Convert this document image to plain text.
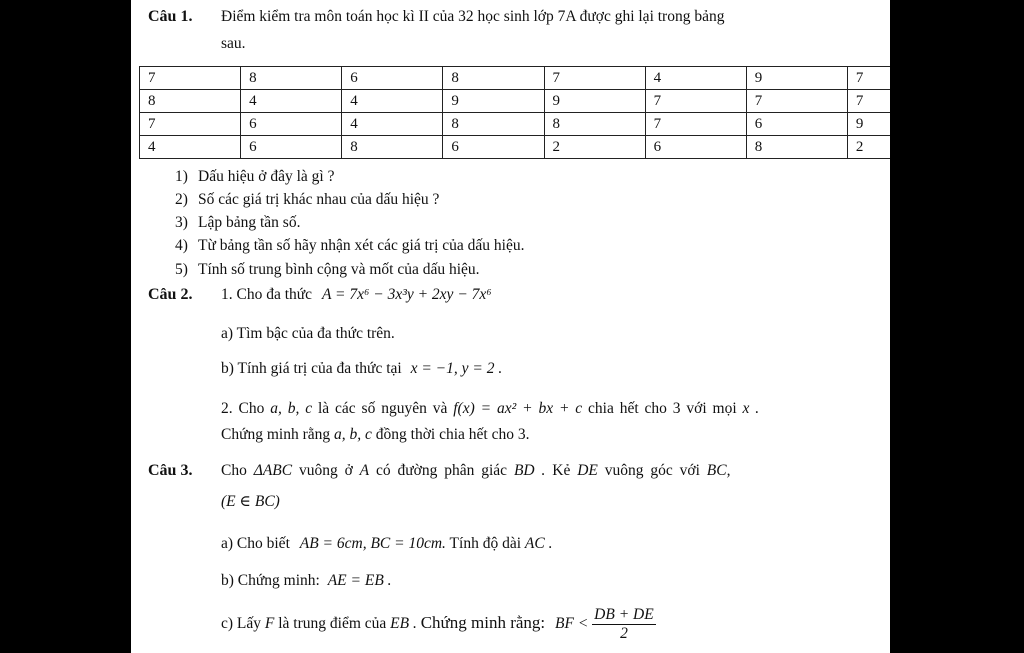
Câu 1. Điểm kiểm tra môn toán học kì II của 32 học sinh lớp 7A được ghi lại trong bảng
sau.
7	8	6	8	7	4	9	7
8	4	4	9	9	7	7	7
7	6	4	8	8	7	6	9
4	6	8	6	2	6	8	2
1) Dấu hiệu ở đây là gì ?
2) Số các giá trị khác nhau của dấu hiệu ?
3) Lập bảng tần số.
4) Từ bảng tần số hãy nhận xét các giá trị của dấu hiệu.
5) Tính số trung bình cộng và mốt của dấu hiệu.
Câu 2. 1. Cho đa thức A = 7x⁶ − 3x³y + 2xy − 7x⁶
a) Tìm bậc của đa thức trên.
b) Tính giá trị của đa thức tại x = −1, y = 2 .
2. Cho a, b, c là các số nguyên và f(x) = ax² + bx + c chia hết cho 3 với mọi x .
Chứng minh rằng a, b, c đồng thời chia hết cho 3.
Câu 3. Cho ΔABC vuông ở A có đường phân giác BD . Kẻ DE vuông góc với BC,
(E ∈ BC)
a) Cho biết AB = 6cm, BC = 10cm. Tính độ dài AC .
b) Chứng minh: AE = EB .
c) Lấy F là trung điểm của EB . Chứng minh rằng: BF < $\frac{DB + DE}{2}$
